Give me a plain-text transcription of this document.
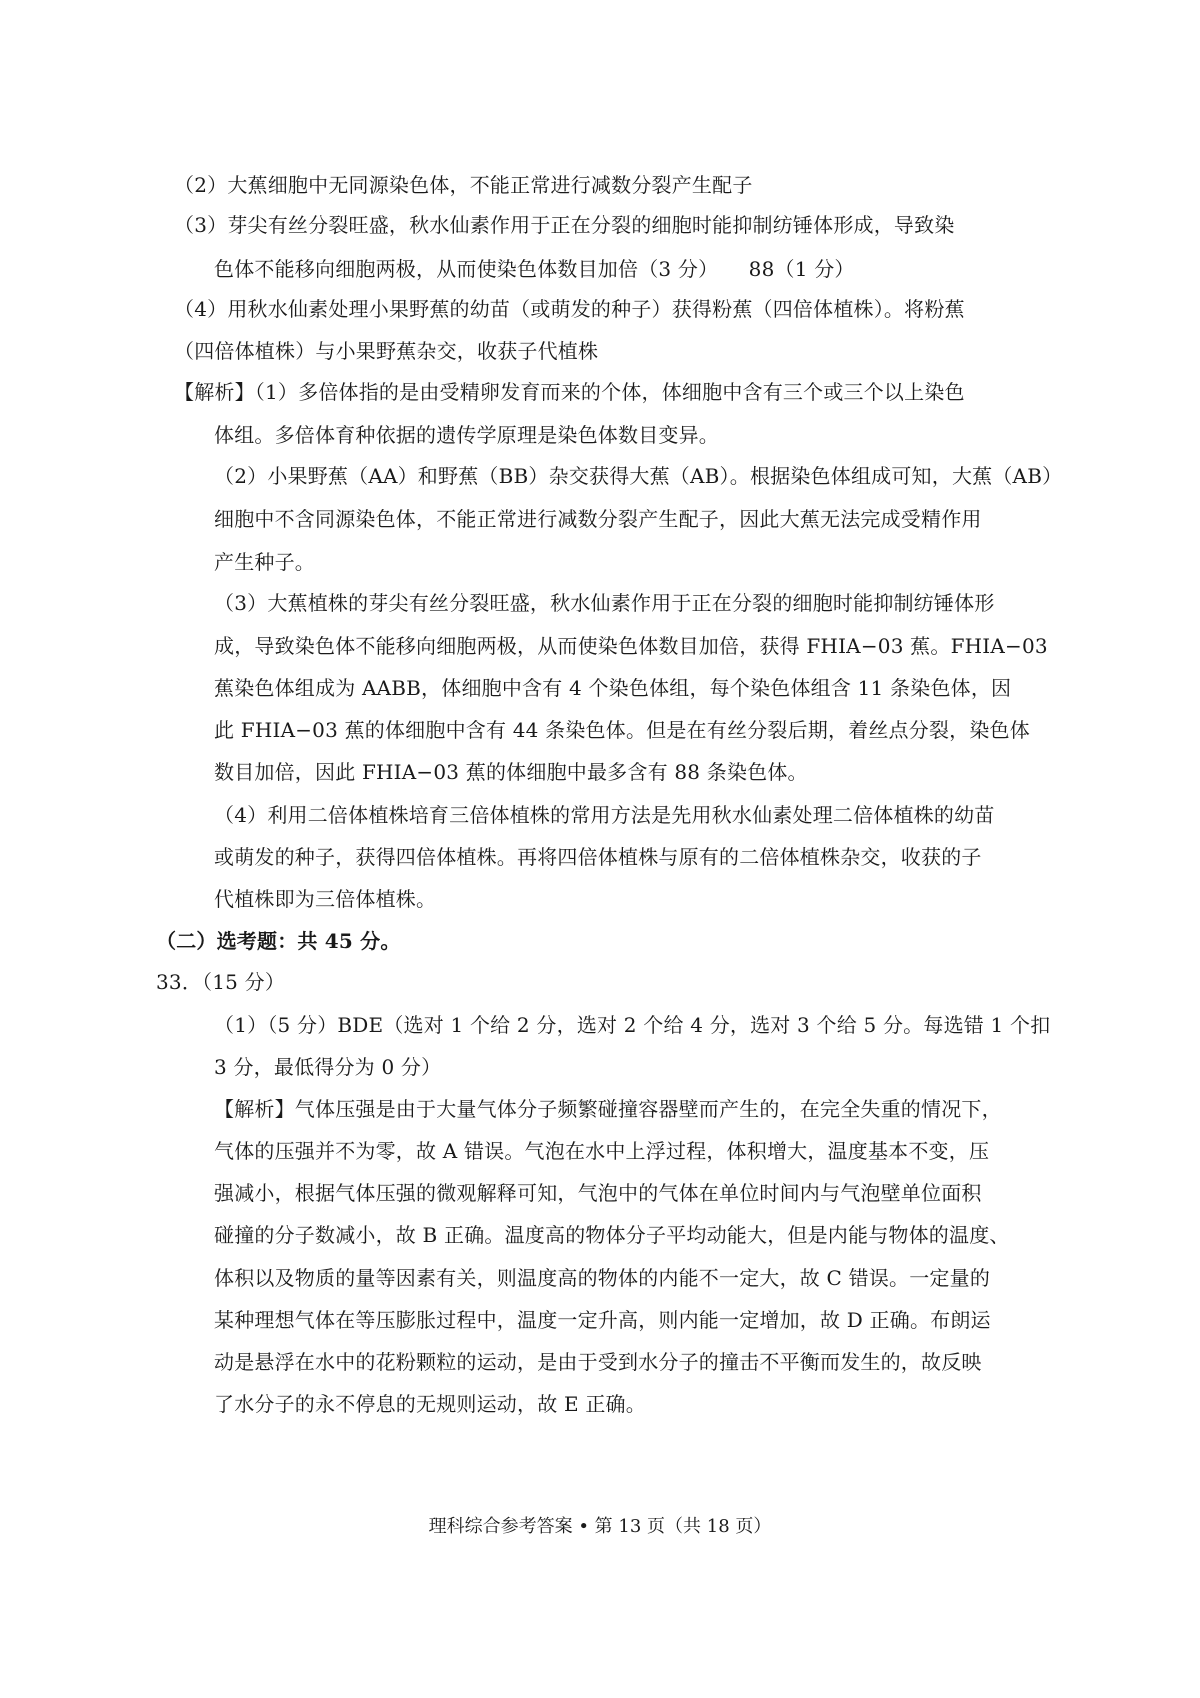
（2）大蕉细胞中无同源染色体，不能正常进行减数分裂产生配子
（3）芽尖有丝分裂旺盛，秋水仙素作用于正在分裂的细胞时能抑制纺锤体形成，导致染
色体不能移向细胞两极，从而使染色体数目加倍（3 分）　　88（1 分）
（4）用秋水仙素处理小果野蕉的幼苗（或萌发的种子）获得粉蕉（四倍体植株）。将粉蕉
（四倍体植株）与小果野蕉杂交，收获子代植株
【解析】（1）多倍体指的是由受精卵发育而来的个体，体细胞中含有三个或三个以上染色
体组。多倍体育种依据的遗传学原理是染色体数目变异。
（2）小果野蕉（AA）和野蕉（BB）杂交获得大蕉（AB）。根据染色体组成可知，大蕉（AB）
细胞中不含同源染色体，不能正常进行减数分裂产生配子，因此大蕉无法完成受精作用
产生种子。
（3）大蕉植株的芽尖有丝分裂旺盛，秋水仙素作用于正在分裂的细胞时能抑制纺锤体形
成，导致染色体不能移向细胞两极，从而使染色体数目加倍，获得 FHIA−03 蕉。FHIA−03
蕉染色体组成为 AABB，体细胞中含有 4 个染色体组，每个染色体组含 11 条染色体，因
此 FHIA−03 蕉的体细胞中含有 44 条染色体。但是在有丝分裂后期，着丝点分裂，染色体
数目加倍，因此 FHIA−03 蕉的体细胞中最多含有 88 条染色体。
（4）利用二倍体植株培育三倍体植株的常用方法是先用秋水仙素处理二倍体植株的幼苗
或萌发的种子，获得四倍体植株。再将四倍体植株与原有的二倍体植株杂交，收获的子
代植株即为三倍体植株。
（二）选考题：共 45 分。
33．（15 分）
（1）（5 分）BDE（选对 1 个给 2 分，选对 2 个给 4 分，选对 3 个给 5 分。每选错 1 个扣
3 分，最低得分为 0 分）
【解析】气体压强是由于大量气体分子频繁碰撞容器壁而产生的，在完全失重的情况下，
气体的压强并不为零，故 A 错误。气泡在水中上浮过程，体积增大，温度基本不变，压
强减小，根据气体压强的微观解释可知，气泡中的气体在单位时间内与气泡壁单位面积
碰撞的分子数减小，故 B 正确。温度高的物体分子平均动能大，但是内能与物体的温度、
体积以及物质的量等因素有关，则温度高的物体的内能不一定大，故 C 错误。一定量的
某种理想气体在等压膨胀过程中，温度一定升高，则内能一定增加，故 D 正确。布朗运
动是悬浮在水中的花粉颗粒的运动，是由于受到水分子的撞击不平衡而发生的，故反映
了水分子的永不停息的无规则运动，故 E 正确。
理科综合参考答案 • 第 13 页（共 18 页）
